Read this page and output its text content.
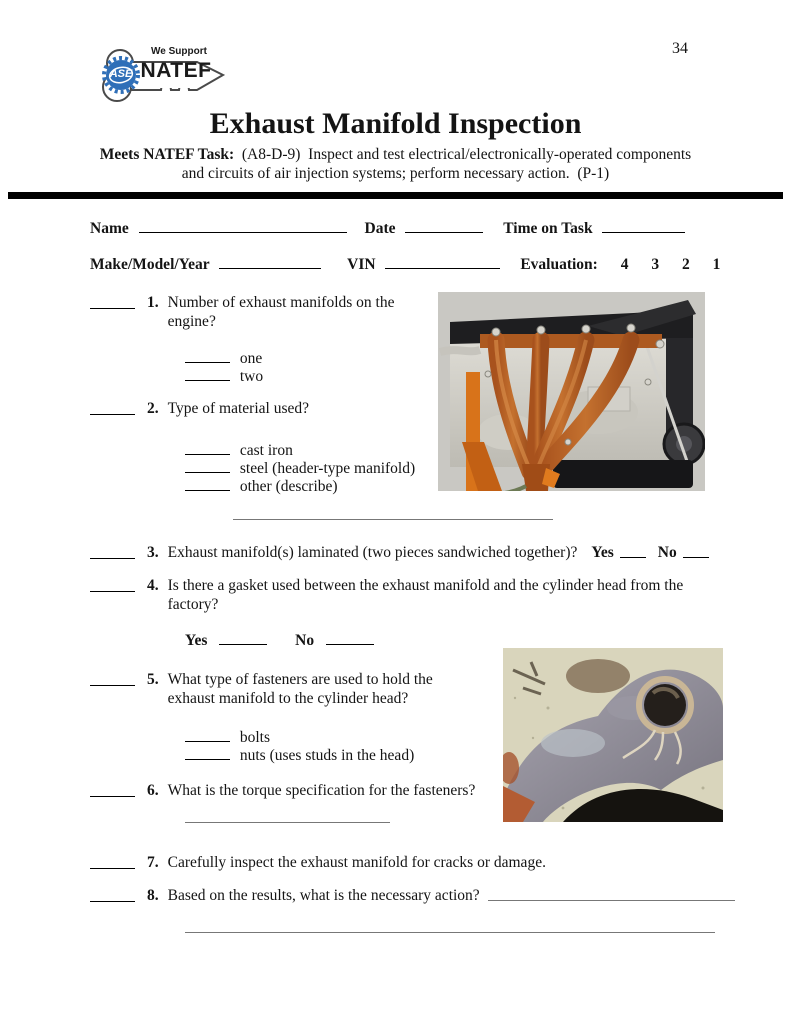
34
We Support
NATEF
ASE
Exhaust Manifold Inspection
Meets NATEF Task:  (A8-D-9)  Inspect and test electrical/electronically-operated components
and circuits of air injection systems; perform necessary action.  (P-1)
Name	Date	Time on Task
Make/Model/Year	VIN	Evaluation: 4 3 2 1
1. Number of exhaust manifolds on the engine?
one
two
2. Type of material used?
cast iron
steel (header-type manifold)
other (describe)
3. Exhaust manifold(s) laminated (two pieces sandwiched together)? Yes	No
4. Is there a gasket used between the exhaust manifold and the cylinder head from the factory?
Yes	No
5. What type of fasteners are used to hold the exhaust manifold to the cylinder head?
bolts
nuts (uses studs in the head)
6. What is the torque specification for the fasteners?
7. Carefully inspect the exhaust manifold for cracks or damage.
8. Based on the results, what is the necessary action?
